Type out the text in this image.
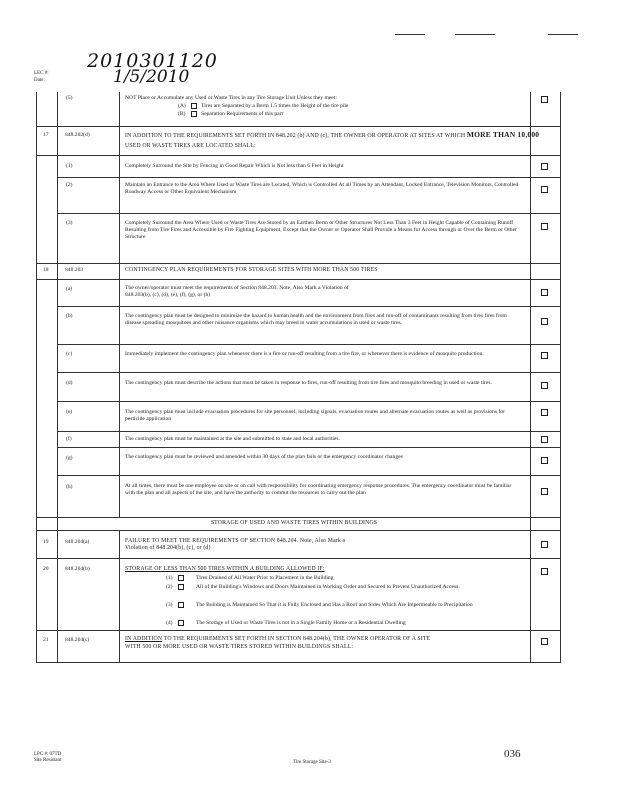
LEC #:
Date:
2010301120
1/5/2010
(5)	NOT Place or Accumulate any Used or Waste Tires in any Tire Storage Unit Unless they meet:
(A)	Tires are Separated by a Berm 1.5 times the Height of the tire pile
(B)	Separation Requirements of this part
17	848.202(d)	IN ADDITION TO THE REQUIREMENTS SET FORTH IN 848.202 (b) AND (c), THE OWNER OR OPERATOR AT SITES AT WHICH MORE THAN 10,000 USED OR WASTE TIRES ARE LOCATED SHALL:
(1)	Completely Surround the Site by Fencing in Good Repair Which is Not less than 6 Feet in Height
(2)	Maintain an Entrance to the Area Where Used or Waste Tires are Located, Which is Controlled At all Times by an Attendant, Locked Entrance, Television Monitors, Controlled Roadway Access or Other Equivalent Mechanism
(3)	Completely Surround the Area Where Used or Waste Tires Are Stored by an Earthen Berm or Other Structures Not Less Than 3 Feet in Height Capable of Containing Runoff Resulting from Tire Fires and Accessible by Fire Fighting Equipment, Except that the Owner or Operator Shall Provide a Means for Access through or Over the Berm or Other Structure
18	848.203	CONTINGENCY PLAN REQUIREMENTS FOR STORAGE SITES WITH MORE THAN 500 TIRES
(a)	The owner/operator must meet the requirements of Section 848.203. Note, Also Mark a Violation of 848.203(b), (c), (d), (e), (f), (g), or (h)
(b)	The contingency plan must be designed to minimize the hazard to human health and the environment from fires and run-off of contaminants resulting from tires fires from disease spreading mosquitoes and other nuisance organisms which may breed in water accumulations in used or waste tires.
(c)	Immediately implement the contingency plan whenever there is a fire or run-off resulting from a tire fire, or whenever there is evidence of mosquito production.
(d)	The contingency plan must describe the actions that must be taken in response to fires, run-off resulting from tire fires and mosquito breeding in used or waste tires.
(e)	The contingency plan must include evacuation procedures for site personnel, including signals, evacuation routes and alternate evacuation routes as well as provisions for pesticide application
(f)	The contingency plan must be maintained at the site and submitted to state and local authorities.
(g)	The contingency plan must be reviewed and amended within 30 days of the plan fails or the emergency coordinator changes
(h)	At all times, there must be one employee on site or on call with responsibility for coordinating emergency response procedures. The emergency coordinator must be familiar with the plan and all aspects of the site, and have the authority to commit the resources to carry out the plan
STORAGE OF USED AND WASTE TIRES WITHIN BUILDINGS
19	848.204(a)	FAILURE TO MEET THE REQUIREMENTS OF SECTION 848.204. Note, Also Mark a Violation of 848.204(b), (c), or (d)
20	848.204(b)	STORAGE OF LESS THAN 500 TIRES WITHIN A BUILDING ALLOWED IF:
(1)	Tires Drained of All Water Prior to Placement in the Building
(2)	All of the Building's Windows and Doors Maintained in Working Order and Secured to Prevent Unauthorized Access.
(3)	The Building is Maintained So That it is Fully Enclosed and Has a Roof and Sides Which Are Impermeable to Precipitation
(4)	The Storage of Used or Waste Tires is not in a Single Family Home or a Residential Dwelling
21	848.204(c)	IN ADDITION TO THE REQUIREMENTS SET FORTH IN SECTION 848.204(b), THE OWNER OPERATOR OF A SITE WITH 500 OR MORE USED OR WASTE TIRES STORED WITHIN BUILDINGS SHALL:
LPC #: 07TD
Site Resistant	Tire Storage Site-3
036
